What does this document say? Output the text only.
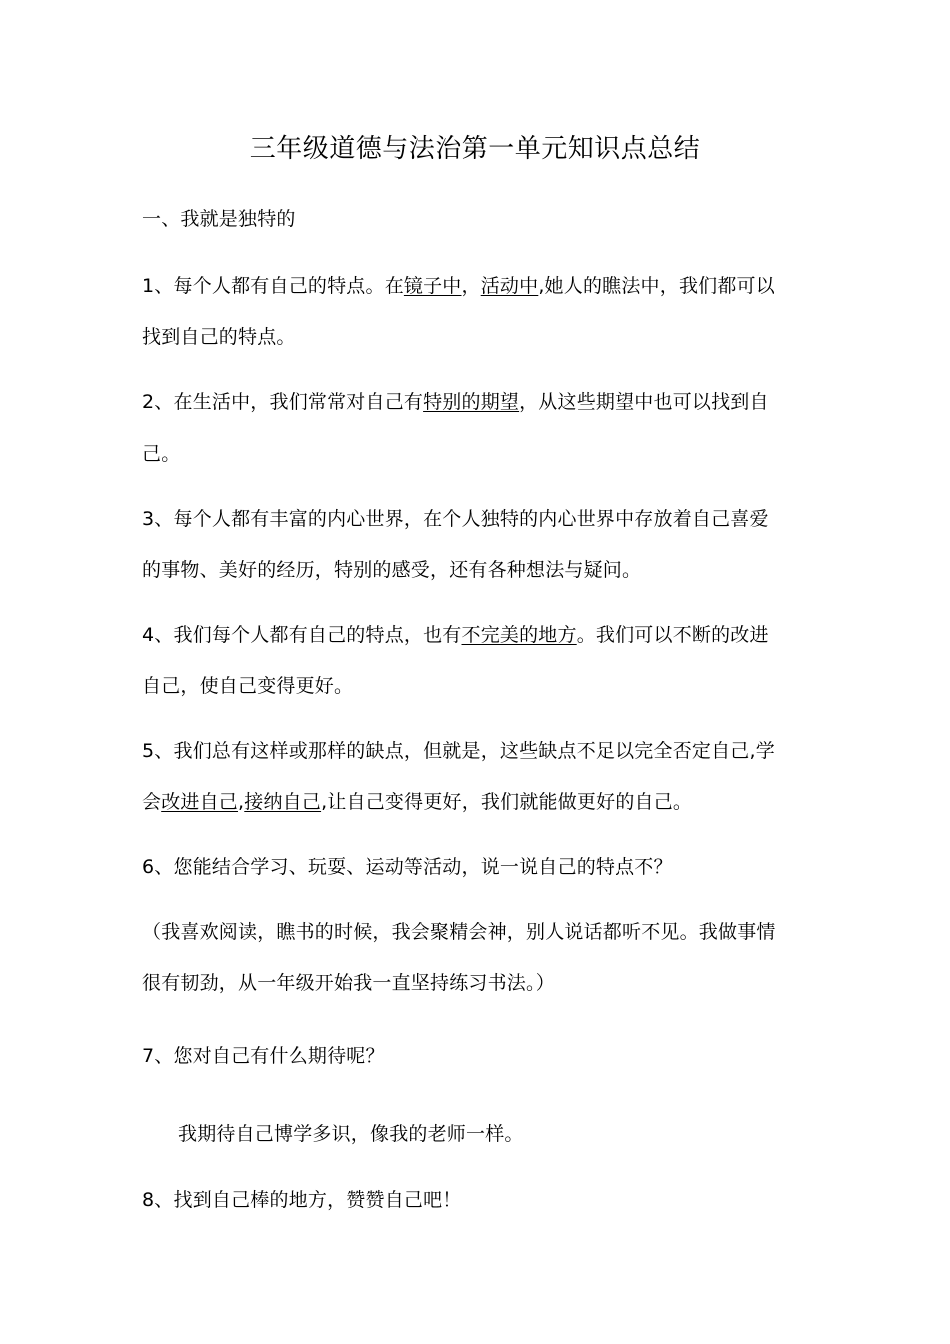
三年级道德与法治第一单元知识点总结
一、我就是独特的
1、每个人都有自己的特点。在镜子中，活动中,她人的瞧法中，我们都可以
找到自己的特点。
2、在生活中，我们常常对自己有特别的期望，从这些期望中也可以找到自
己。
3、每个人都有丰富的内心世界，在个人独特的内心世界中存放着自己喜爱
的事物、美好的经历，特别的感受，还有各种想法与疑问。
4、我们每个人都有自己的特点，也有不完美的地方。我们可以不断的改进
自己，使自己变得更好。
5、我们总有这样或那样的缺点，但就是，这些缺点不足以完全否定自己,学
会改进自己,接纳自己,让自己变得更好，我们就能做更好的自己。
6、您能结合学习、玩耍、运动等活动，说一说自己的特点不？
（我喜欢阅读，瞧书的时候，我会聚精会神，别人说话都听不见。我做事情
很有韧劲，从一年级开始我一直坚持练习书法。）
7、您对自己有什么期待呢？
我期待自己博学多识，像我的老师一样。
8、找到自己棒的地方，赞赞自己吧！
